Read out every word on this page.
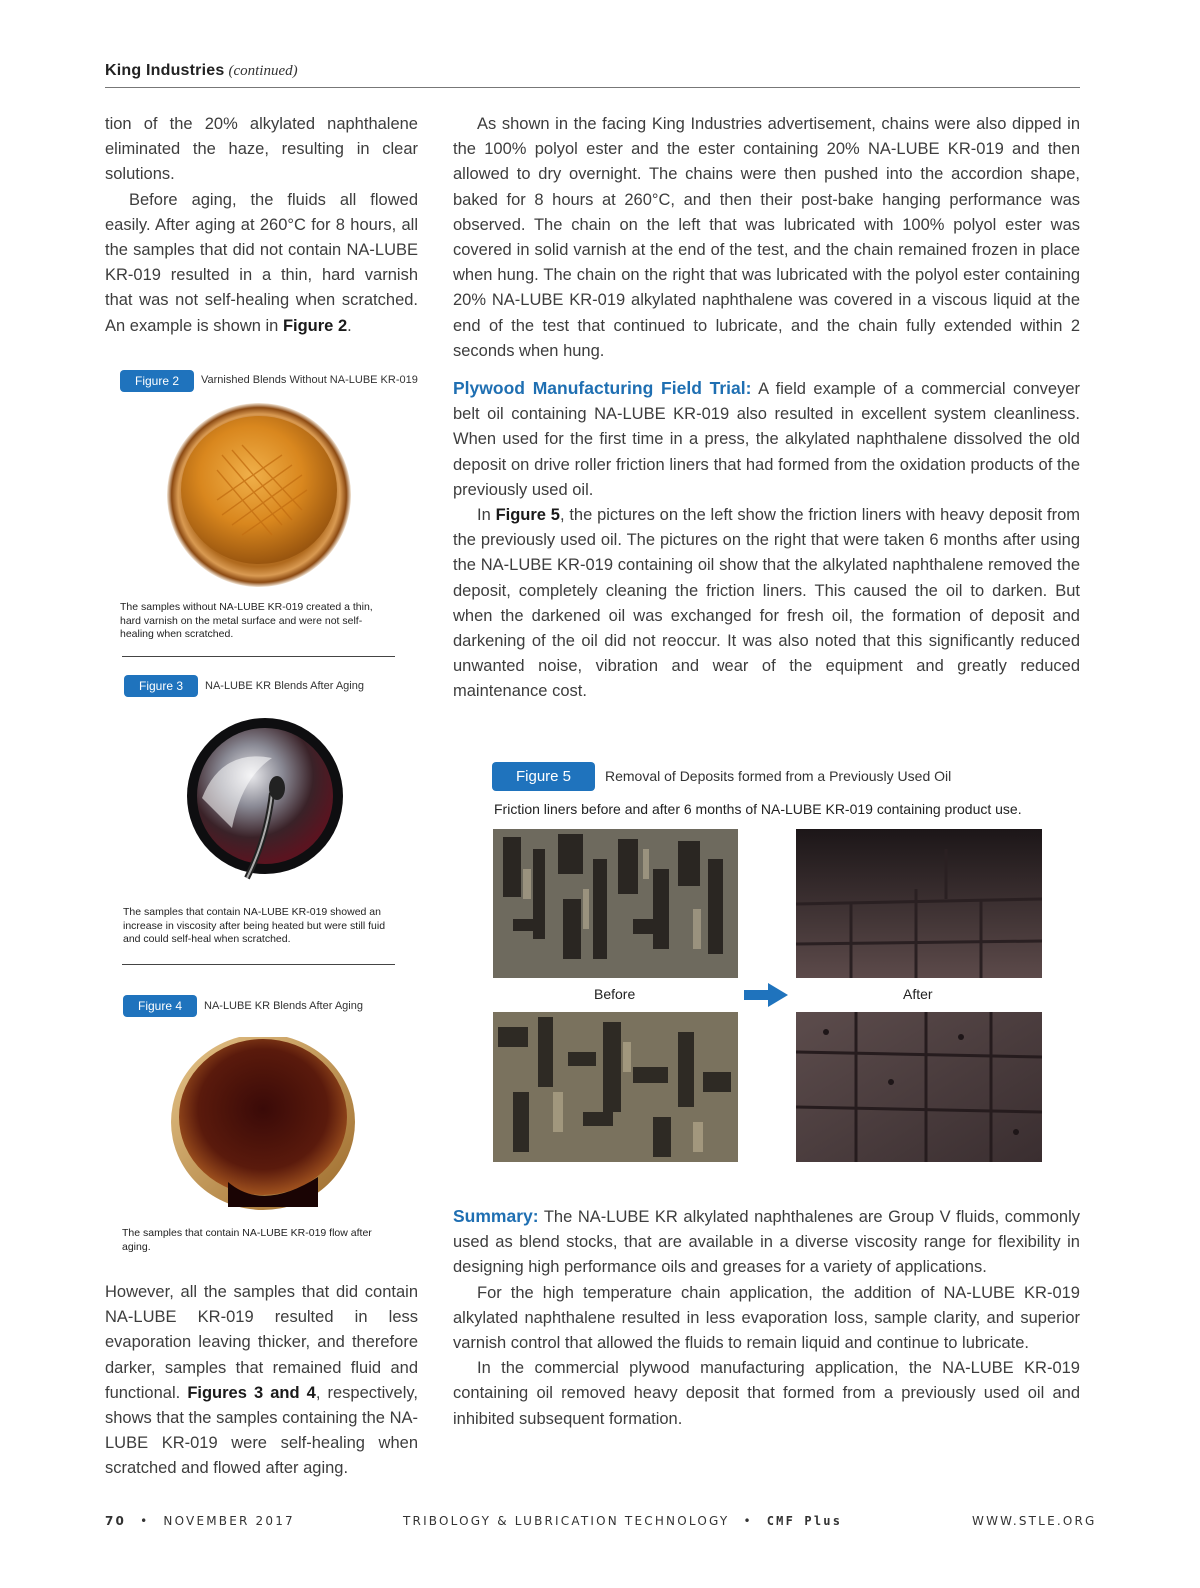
King Industries (continued)

tion of the 20% alkylated naphthalene eliminated the haze, resulting in clear solutions.

Before aging, the fluids all flowed easily. After aging at 260°C for 8 hours, all the samples that did not contain NA-LUBE KR-019 resulted in a thin, hard varnish that was not self-healing when scratched. An example is shown in Figure 2.

Figure 2	Varnished Blends Without NA-LUBE KR-019
The samples without NA-LUBE KR-019 created a thin, hard varnish on the metal surface and were not self-healing when scratched.
Figure 3	NA-LUBE KR Blends After Aging
The samples that contain NA-LUBE KR-019 showed an increase in viscosity after being heated but were still fuid and could self-heal when scratched.
Figure 4	NA-LUBE KR Blends After Aging
The samples that contain NA-LUBE KR-019 flow after aging.

However, all the samples that did contain NA-LUBE KR-019 resulted in less evaporation leaving thicker, and therefore darker, samples that remained fluid and functional. Figures 3 and 4, respectively, shows that the samples containing the NA-LUBE KR-019 were self-healing when scratched and flowed after aging.

As shown in the facing King Industries advertisement, chains were also dipped in the 100% polyol ester and the ester containing 20% NA-LUBE KR-019 and then allowed to dry overnight. The chains were then pushed into the accordion shape, baked for 8 hours at 260°C, and then their post-bake hanging performance was observed. The chain on the left that was lubricated with 100% polyol ester was covered in solid varnish at the end of the test, and the chain remained frozen in place when hung. The chain on the right that was lubricated with the polyol ester containing 20% NA-LUBE KR-019 alkylated naphthalene was covered in a viscous liquid at the end of the test that continued to lubricate, and the chain fully extended within 2 seconds when hung.

Plywood Manufacturing Field Trial: A field example of a commercial conveyer belt oil containing NA-LUBE KR-019 also resulted in excellent system cleanliness. When used for the first time in a press, the alkylated naphthalene dissolved the old deposit on drive roller friction liners that had formed from the oxidation products of the previously used oil.

In Figure 5, the pictures on the left show the friction liners with heavy deposit from the previously used oil. The pictures on the right that were taken 6 months after using the NA-LUBE KR-019 containing oil show that the alkylated naphthalene removed the deposit, completely cleaning the friction liners. This caused the oil to darken. But when the darkened oil was exchanged for fresh oil, the formation of deposit and darkening of the oil did not reoccur. It was also noted that this significantly reduced unwanted noise, vibration and wear of the equipment and greatly reduced maintenance cost.

Figure 5	Removal of Deposits formed from a Previously Used Oil
Friction liners before and after 6 months of NA-LUBE KR-019 containing product use.
Before	After

Summary: The NA-LUBE KR alkylated naphthalenes are Group V fluids, commonly used as blend stocks, that are available in a diverse viscosity range for flexibility in designing high performance oils and greases for a variety of applications.

For the high temperature chain application, the addition of NA-LUBE KR-019 alkylated naphthalene resulted in less evaporation loss, sample clarity, and superior varnish control that allowed the fluids to remain liquid and continue to lubricate.

In the commercial plywood manufacturing application, the NA-LUBE KR-019 containing oil removed heavy deposit that formed from a previously used oil and inhibited subsequent formation.

70 • NOVEMBER 2017	TRIBOLOGY & LUBRICATION TECHNOLOGY • CMF Plus	WWW.STLE.ORG
